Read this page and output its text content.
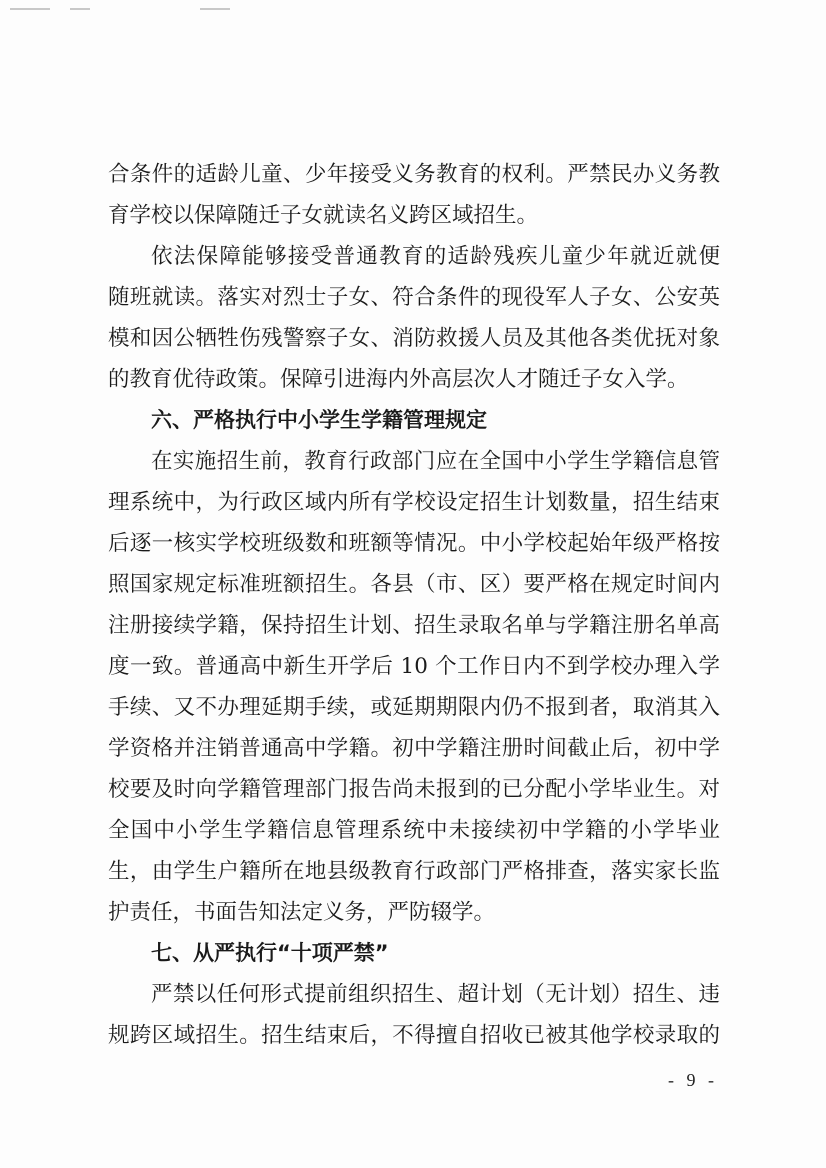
合条件的适龄儿童、少年接受义务教育的权利。严禁民办义务教
育学校以保障随迁子女就读名义跨区域招生。
依法保障能够接受普通教育的适龄残疾儿童少年就近就便
随班就读。落实对烈士子女、符合条件的现役军人子女、公安英
模和因公牺牲伤残警察子女、消防救援人员及其他各类优抚对象
的教育优待政策。保障引进海内外高层次人才随迁子女入学。
六、严格执行中小学生学籍管理规定
在实施招生前，教育行政部门应在全国中小学生学籍信息管
理系统中，为行政区域内所有学校设定招生计划数量，招生结束
后逐一核实学校班级数和班额等情况。中小学校起始年级严格按
照国家规定标准班额招生。各县（市、区）要严格在规定时间内
注册接续学籍，保持招生计划、招生录取名单与学籍注册名单高
度一致。普通高中新生开学后 10 个工作日内不到学校办理入学
手续、又不办理延期手续，或延期期限内仍不报到者，取消其入
学资格并注销普通高中学籍。初中学籍注册时间截止后，初中学
校要及时向学籍管理部门报告尚未报到的已分配小学毕业生。对
全国中小学生学籍信息管理系统中未接续初中学籍的小学毕业
生，由学生户籍所在地县级教育行政部门严格排查，落实家长监
护责任，书面告知法定义务，严防辍学。
七、从严执行“十项严禁”
严禁以任何形式提前组织招生、超计划（无计划）招生、违
规跨区域招生。招生结束后，不得擅自招收已被其他学校录取的
- 9 -
